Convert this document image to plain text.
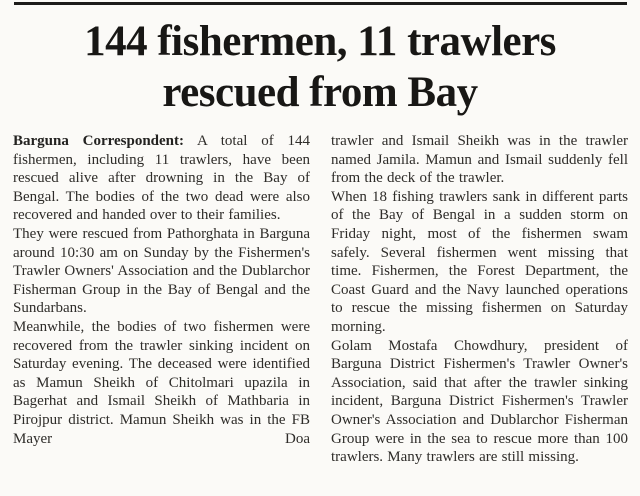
144 fishermen, 11 trawlers
rescued from Bay

Barguna Correspondent: A total of 144 fishermen, including 11 trawlers, have been rescued alive after drowning in the Bay of Bengal. The bodies of the two dead were also recovered and handed over to their families.

They were rescued from Pathorghata in Barguna around 10:30 am on Sunday by the Fishermen's Trawler Owners' Association and the Dublarchor Fisherman Group in the Bay of Bengal and the Sundarbans.

Meanwhile, the bodies of two fishermen were recovered from the trawler sinking incident on Saturday evening. The deceased were identified as Mamun Sheikh of Chitolmari upazila in Bagerhat and Ismail Sheikh of Mathbaria in Pirojpur district. Mamun Sheikh was in the FB Mayer Doa

trawler and Ismail Sheikh was in the trawler named Jamila. Mamun and Ismail suddenly fell from the deck of the trawler.

When 18 fishing trawlers sank in different parts of the Bay of Bengal in a sudden storm on Friday night, most of the fishermen swam safely. Several fishermen went missing that time. Fishermen, the Forest Department, the Coast Guard and the Navy launched operations to rescue the missing fishermen on Saturday morning.

Golam Mostafa Chowdhury, president of Barguna District Fishermen's Trawler Owner's Association, said that after the trawler sinking incident, Barguna District Fishermen's Trawler Owner's Association and Dublarchor Fisherman Group were in the sea to rescue more than 100 trawlers. Many trawlers are still missing.
